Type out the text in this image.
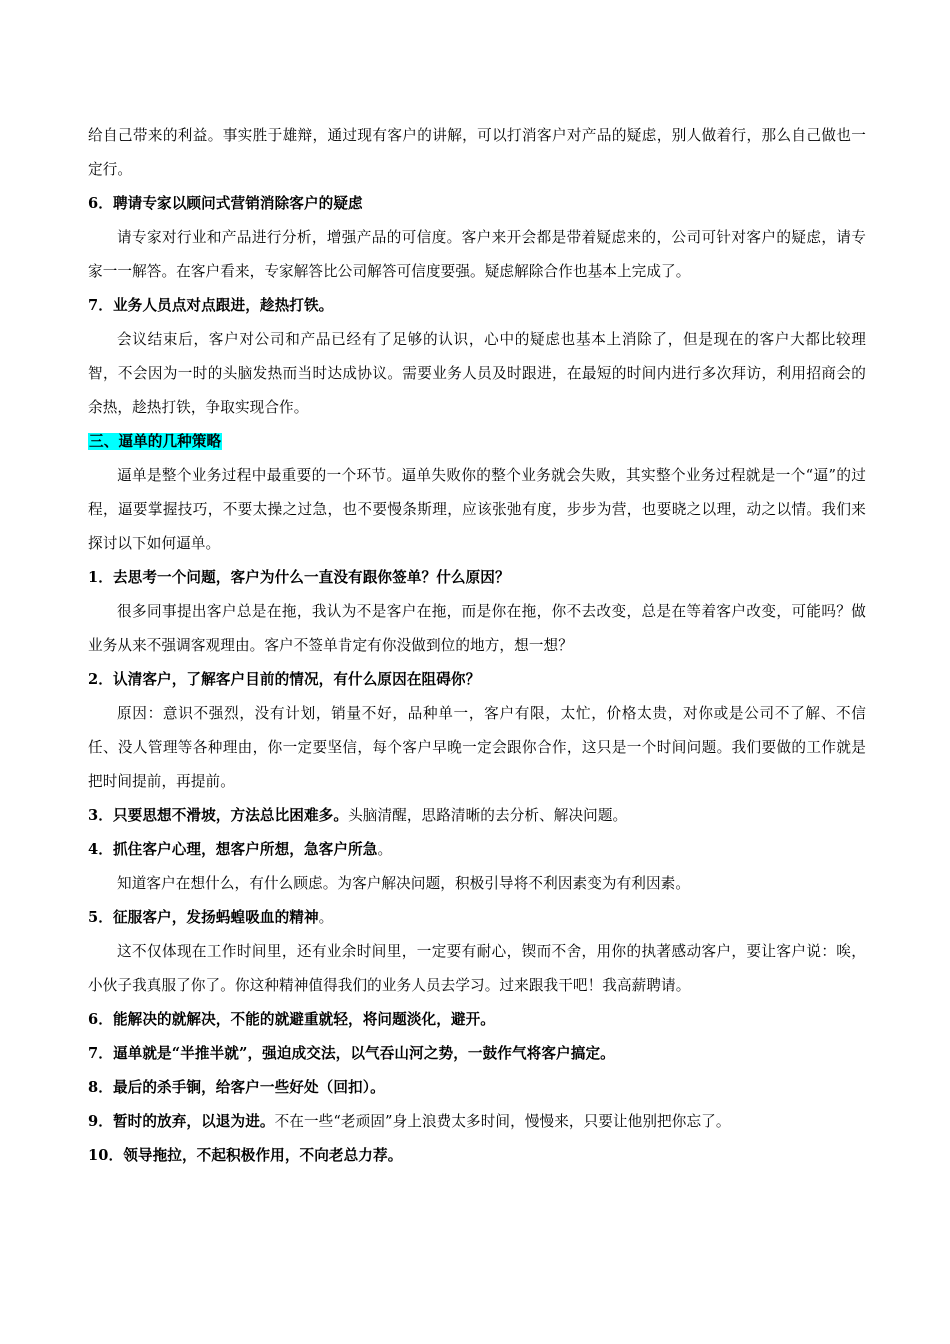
给自己带来的利益。事实胜于雄辩，通过现有客户的讲解，可以打消客户对产品的疑虑，别人做着行，那么自己做也一定行。

6．聘请专家以顾问式营销消除客户的疑虑

请专家对行业和产品进行分析，增强产品的可信度。客户来开会都是带着疑虑来的，公司可针对客户的疑虑，请专家一一解答。在客户看来，专家解答比公司解答可信度要强。疑虑解除合作也基本上完成了。

7．业务人员点对点跟进，趁热打铁。

会议结束后，客户对公司和产品已经有了足够的认识，心中的疑虑也基本上消除了，但是现在的客户大都比较理智，不会因为一时的头脑发热而当时达成协议。需要业务人员及时跟进，在最短的时间内进行多次拜访，利用招商会的余热，趁热打铁，争取实现合作。

三、逼单的几种策略

逼单是整个业务过程中最重要的一个环节。逼单失败你的整个业务就会失败，其实整个业务过程就是一个“逼”的过程，逼要掌握技巧，不要太操之过急，也不要慢条斯理，应该张弛有度，步步为营，也要晓之以理，动之以情。我们来探讨以下如何逼单。

1．去思考一个问题，客户为什么一直没有跟你签单？什么原因？

很多同事提出客户总是在拖，我认为不是客户在拖，而是你在拖，你不去改变，总是在等着客户改变，可能吗？做业务从来不强调客观理由。客户不签单肯定有你没做到位的地方，想一想？

2．认清客户，了解客户目前的情况，有什么原因在阻碍你？

原因：意识不强烈，没有计划，销量不好，品种单一，客户有限，太忙，价格太贵，对你或是公司不了解、不信任、没人管理等各种理由，你一定要坚信，每个客户早晚一定会跟你合作，这只是一个时间问题。我们要做的工作就是把时间提前，再提前。

3．只要思想不滑坡，方法总比困难多。头脑清醒，思路清晰的去分析、解决问题。

4．抓住客户心理，想客户所想，急客户所急。

知道客户在想什么，有什么顾虑。为客户解决问题，积极引导将不利因素变为有利因素。

5．征服客户，发扬蚂蝗吸血的精神。

这不仅体现在工作时间里，还有业余时间里，一定要有耐心，锲而不舍，用你的执著感动客户，要让客户说：唉，小伙子我真服了你了。你这种精神值得我们的业务人员去学习。过来跟我干吧！我高薪聘请。

6．能解决的就解决，不能的就避重就轻，将问题淡化，避开。

7．逼单就是“半推半就”，强迫成交法，以气吞山河之势，一鼓作气将客户搞定。

8．最后的杀手锏，给客户一些好处（回扣）。

9．暂时的放弃，以退为进。不在一些“老顽固”身上浪费太多时间，慢慢来，只要让他别把你忘了。

10．领导拖拉，不起积极作用，不向老总力荐。
